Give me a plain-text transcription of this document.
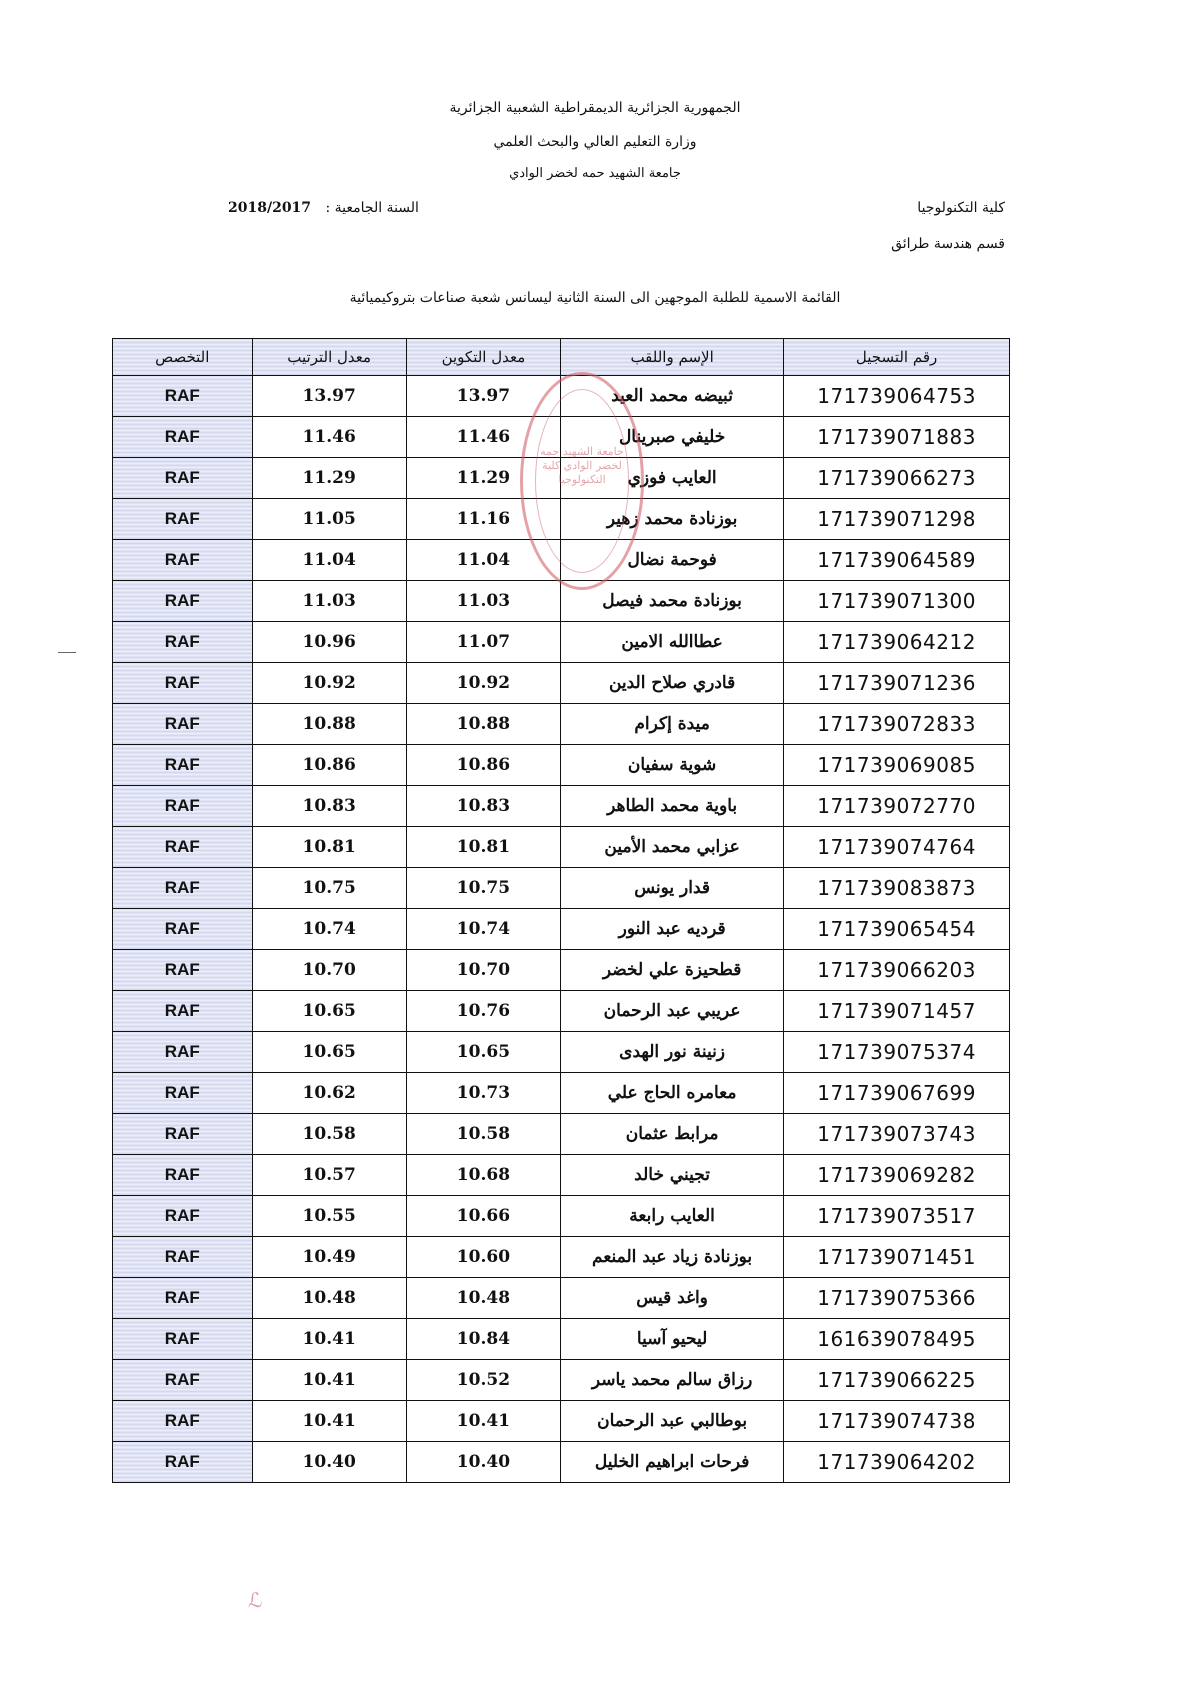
الجمهورية الجزائرية الديمقراطية الشعبية الجزائرية
وزارة التعليم العالي والبحث العلمي
جامعة الشهيد حمه لخضر الوادي
كلية التكنولوجيا
قسم هندسة طرائق
السنة الجامعية : 2018/2017
القائمة الاسمية للطلبة الموجهين الى السنة الثانية ليسانس شعبة صناعات بتروكيميائية
رقم التسجيل	الإسم واللقب	معدل التكوين	معدل الترتيب	التخصص
171739064753	ثبيضه محمد العيد	13.97	13.97	RAF
171739071883	خليفي صبرينال	11.46	11.46	RAF
171739066273	العايب فوزي	11.29	11.29	RAF
171739071298	بوزنادة محمد زهير	11.16	11.05	RAF
171739064589	فوحمة نضال	11.04	11.04	RAF
171739071300	بوزنادة محمد فيصل	11.03	11.03	RAF
171739064212	عطاالله الامين	11.07	10.96	RAF
171739071236	قادري صلاح الدين	10.92	10.92	RAF
171739072833	ميدة إكرام	10.88	10.88	RAF
171739069085	شوية سفيان	10.86	10.86	RAF
171739072770	باوية محمد الطاهر	10.83	10.83	RAF
171739074764	عزابي محمد الأمين	10.81	10.81	RAF
171739083873	قدار يونس	10.75	10.75	RAF
171739065454	قرديه عبد النور	10.74	10.74	RAF
171739066203	قطحيزة علي لخضر	10.70	10.70	RAF
171739071457	عريبي عبد الرحمان	10.76	10.65	RAF
171739075374	زنينة نور الهدى	10.65	10.65	RAF
171739067699	معامره الحاج علي	10.73	10.62	RAF
171739073743	مرابط عثمان	10.58	10.58	RAF
171739069282	تجيني خالد	10.68	10.57	RAF
171739073517	العايب رابعة	10.66	10.55	RAF
171739071451	بوزنادة زياد عبد المنعم	10.60	10.49	RAF
171739075366	واغد قيس	10.48	10.48	RAF
161639078495	ليحيو آسيا	10.84	10.41	RAF
171739066225	رزاق سالم محمد ياسر	10.52	10.41	RAF
171739074738	بوطالبي عبد الرحمان	10.41	10.41	RAF
171739064202	فرحات ابراهيم الخليل	10.40	10.40	RAF
جامعة الشهيد حمه لخضر الوادي كلية التكنولوجيا
ℒ
